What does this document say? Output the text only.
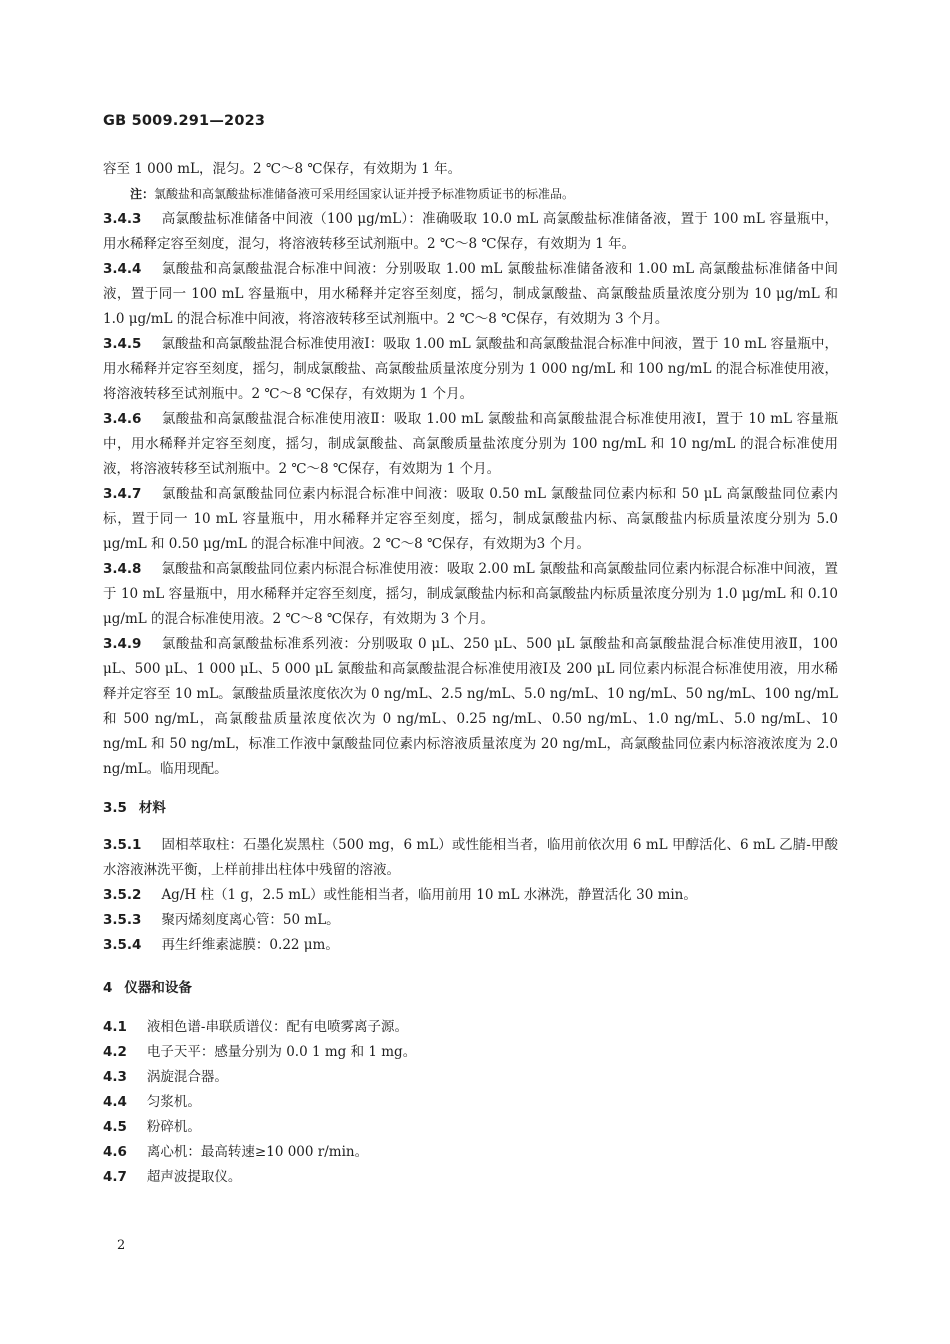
GB 5009.291—2023

容至 1 000 mL，混匀。2 ℃～8 ℃保存，有效期为 1 年。

注：氯酸盐和高氯酸盐标准储备液可采用经国家认证并授予标准物质证书的标准品。

3.4.3 高氯酸盐标准储备中间液（100 μg/mL）：准确吸取 10.0 mL 高氯酸盐标准储备液，置于 100 mL 容量瓶中，用水稀释定容至刻度，混匀，将溶液转移至试剂瓶中。2 ℃～8 ℃保存，有效期为 1 年。

3.4.4 氯酸盐和高氯酸盐混合标准中间液：分别吸取 1.00 mL 氯酸盐标准储备液和 1.00 mL 高氯酸盐标准储备中间液，置于同一 100 mL 容量瓶中，用水稀释并定容至刻度，摇匀，制成氯酸盐、高氯酸盐质量浓度分别为 10 μg/mL 和 1.0 μg/mL 的混合标准中间液，将溶液转移至试剂瓶中。2 ℃～8 ℃保存，有效期为 3 个月。

3.4.5 氯酸盐和高氯酸盐混合标准使用液Ⅰ：吸取 1.00 mL 氯酸盐和高氯酸盐混合标准中间液，置于 10 mL 容量瓶中，用水稀释并定容至刻度，摇匀，制成氯酸盐、高氯酸盐质量浓度分别为 1 000 ng/mL 和 100 ng/mL 的混合标准使用液，将溶液转移至试剂瓶中。2 ℃～8 ℃保存，有效期为 1 个月。

3.4.6 氯酸盐和高氯酸盐混合标准使用液Ⅱ：吸取 1.00 mL 氯酸盐和高氯酸盐混合标准使用液Ⅰ，置于 10 mL 容量瓶中，用水稀释并定容至刻度，摇匀，制成氯酸盐、高氯酸质量盐浓度分别为 100 ng/mL 和 10 ng/mL 的混合标准使用液，将溶液转移至试剂瓶中。2 ℃～8 ℃保存，有效期为 1 个月。

3.4.7 氯酸盐和高氯酸盐同位素内标混合标准中间液：吸取 0.50 mL 氯酸盐同位素内标和 50 μL 高氯酸盐同位素内标，置于同一 10 mL 容量瓶中，用水稀释并定容至刻度，摇匀，制成氯酸盐内标、高氯酸盐内标质量浓度分别为 5.0 μg/mL 和 0.50 μg/mL 的混合标准中间液。2 ℃～8 ℃保存，有效期为3 个月。

3.4.8 氯酸盐和高氯酸盐同位素内标混合标准使用液：吸取 2.00 mL 氯酸盐和高氯酸盐同位素内标混合标准中间液，置于 10 mL 容量瓶中，用水稀释并定容至刻度，摇匀，制成氯酸盐内标和高氯酸盐内标质量浓度分别为 1.0 μg/mL 和 0.10 μg/mL 的混合标准使用液。2 ℃～8 ℃保存，有效期为 3 个月。

3.4.9 氯酸盐和高氯酸盐标准系列液：分别吸取 0 μL、250 μL、500 μL 氯酸盐和高氯酸盐混合标准使用液Ⅱ，100 μL、500 μL、1 000 μL、5 000 μL 氯酸盐和高氯酸盐混合标准使用液Ⅰ及 200 μL 同位素内标混合标准使用液，用水稀释并定容至 10 mL。氯酸盐质量浓度依次为 0 ng/mL、2.5 ng/mL、5.0 ng/mL、10 ng/mL、50 ng/mL、100 ng/mL 和 500 ng/mL，高氯酸盐质量浓度依次为 0 ng/mL、0.25 ng/mL、0.50 ng/mL、1.0 ng/mL、5.0 ng/mL、10 ng/mL 和 50 ng/mL，标准工作液中氯酸盐同位素内标溶液质量浓度为 20 ng/mL，高氯酸盐同位素内标溶液浓度为 2.0 ng/mL。临用现配。

3.5 材料

3.5.1 固相萃取柱：石墨化炭黑柱（500 mg，6 mL）或性能相当者，临用前依次用 6 mL 甲醇活化、6 mL 乙腈-甲酸水溶液淋洗平衡，上样前排出柱体中残留的溶液。

3.5.2 Ag/H 柱（1 g，2.5 mL）或性能相当者，临用前用 10 mL 水淋洗，静置活化 30 min。

3.5.3 聚丙烯刻度离心管：50 mL。

3.5.4 再生纤维素滤膜：0.22 μm。

4 仪器和设备

4.1 液相色谱-串联质谱仪：配有电喷雾离子源。

4.2 电子天平：感量分别为 0.0 1 mg 和 1 mg。

4.3 涡旋混合器。

4.4 匀浆机。

4.5 粉碎机。

4.6 离心机：最高转速≥10 000 r/min。

4.7 超声波提取仪。

2
